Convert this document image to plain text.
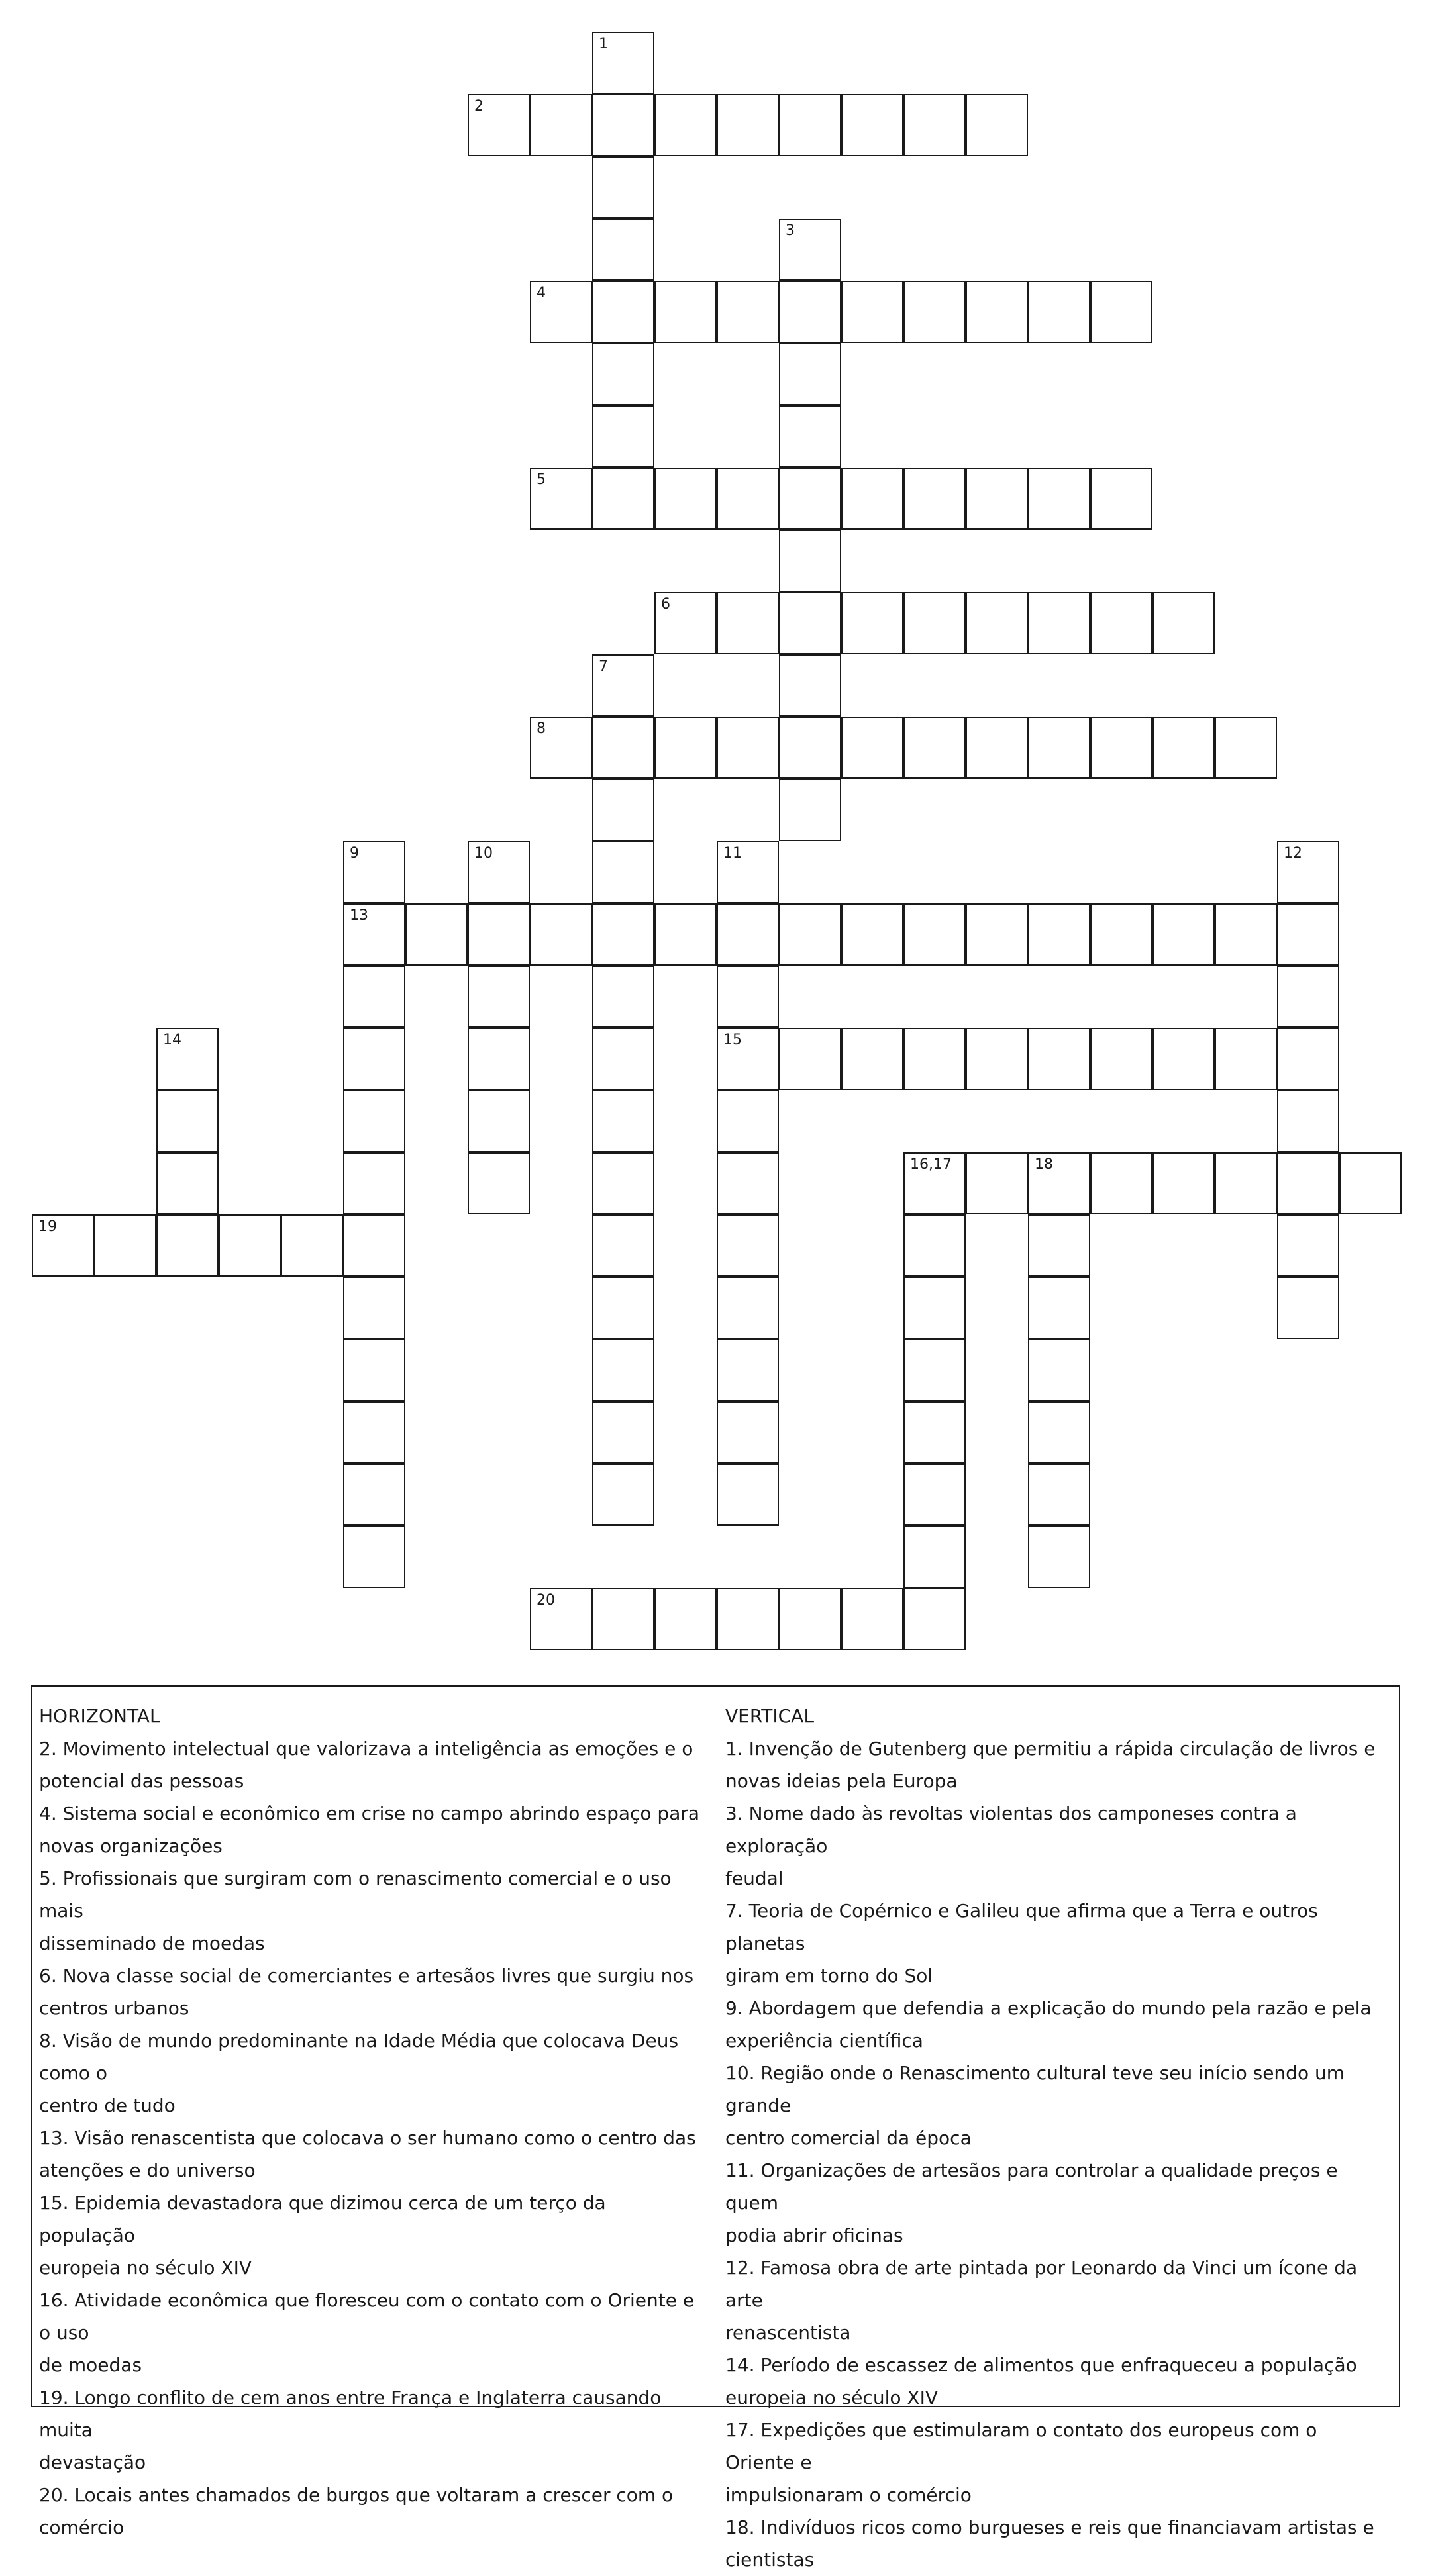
1
2
3
4
5
6
7
8
9
13
10	11
15
12
14
16,17	18
19
20
HORIZONTAL
2. Movimento intelectual que valorizava a inteligência as emoções e o
potencial das pessoas
4. Sistema social e econômico em crise no campo abrindo espaço para
novas organizações
5. Profissionais que surgiram com o renascimento comercial e o uso mais
disseminado de moedas
6. Nova classe social de comerciantes e artesãos livres que surgiu nos
centros urbanos
8. Visão de mundo predominante na Idade Média que colocava Deus como o
centro de tudo
13. Visão renascentista que colocava o ser humano como o centro das
atenções e do universo
15. Epidemia devastadora que dizimou cerca de um terço da população
europeia no século XIV
16. Atividade econômica que floresceu com o contato com o Oriente e o uso
de moedas
19. Longo conflito de cem anos entre França e Inglaterra causando muita
devastação
20. Locais antes chamados de burgos que voltaram a crescer com o
comércio
VERTICAL
1. Invenção de Gutenberg que permitiu a rápida circulação de livros e
novas ideias pela Europa
3. Nome dado às revoltas violentas dos camponeses contra a exploração
feudal
7. Teoria de Copérnico e Galileu que afirma que a Terra e outros planetas
giram em torno do Sol
9. Abordagem que defendia a explicação do mundo pela razão e pela
experiência científica
10. Região onde o Renascimento cultural teve seu início sendo um grande
centro comercial da época
11. Organizações de artesãos para controlar a qualidade preços e quem
podia abrir oficinas
12. Famosa obra de arte pintada por Leonardo da Vinci um ícone da arte
renascentista
14. Período de escassez de alimentos que enfraqueceu a população
europeia no século XIV
17. Expedições que estimularam o contato dos europeus com o Oriente e
impulsionaram o comércio
18. Indivíduos ricos como burgueses e reis que financiavam artistas e
cientistas
